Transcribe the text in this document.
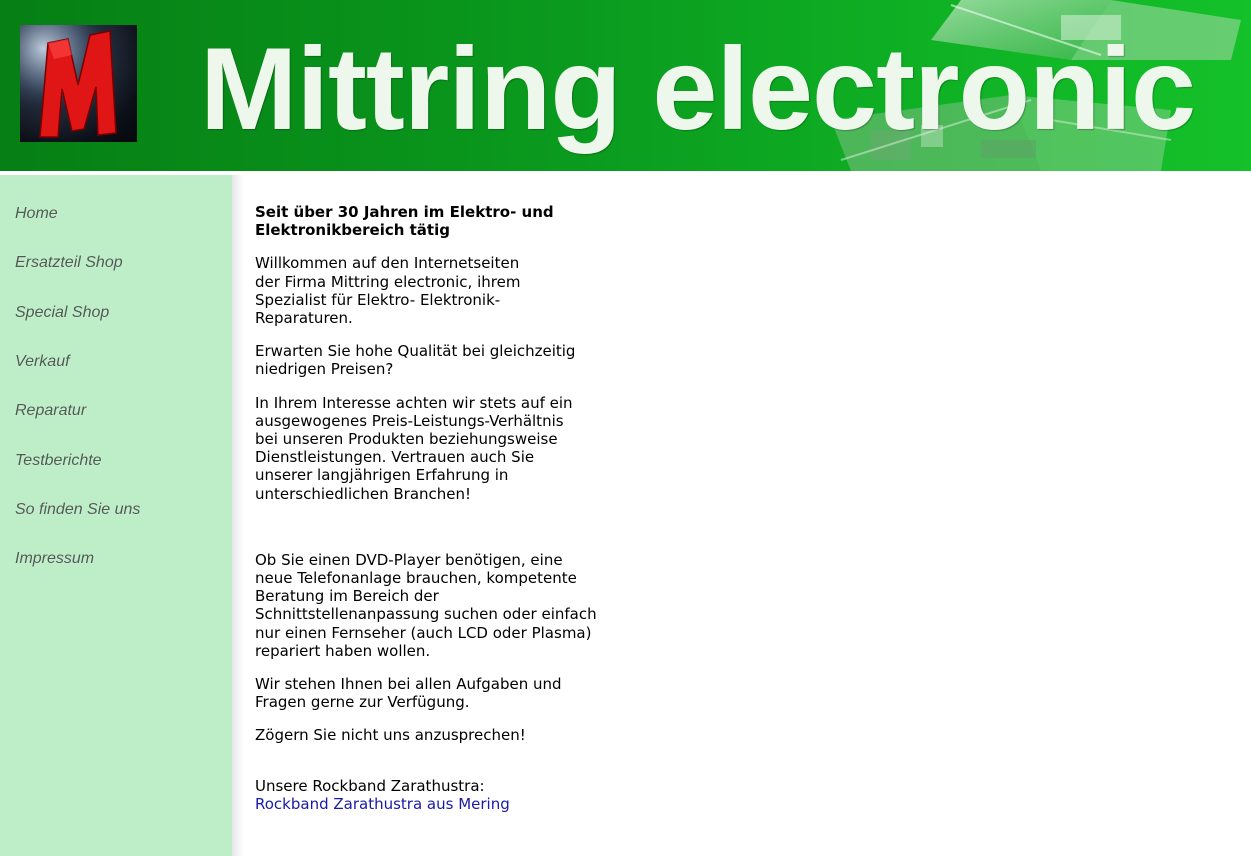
Mittring electronic
Home
Ersatzteil Shop
Special Shop
Verkauf
Reparatur
Testberichte
So finden Sie uns
Impressum

Seit über 30 Jahren im Elektro- und Elektronikbereich tätig

Willkommen auf den Internetseiten der Firma Mittring electronic, ihrem Spezialist für Elektro- Elektronik-Reparaturen.

Erwarten Sie hohe Qualität bei gleichzeitig niedrigen Preisen?

In Ihrem Interesse achten wir stets auf ein ausgewogenes Preis-Leistungs-Verhältnis bei unseren Produkten beziehungsweise Dienstleistungen. Vertrauen auch Sie unserer langjährigen Erfahrung in unterschiedlichen Branchen!

Ob Sie einen DVD-Player benötigen, eine neue Telefonanlage brauchen, kompetente Beratung im Bereich der Schnittstellenanpassung suchen oder einfach nur einen Fernseher (auch LCD oder Plasma) repariert haben wollen.

Wir stehen Ihnen bei allen Aufgaben und Fragen gerne zur Verfügung.

Zögern Sie nicht uns anzusprechen!

Unsere Rockband Zarathustra:

Rockband Zarathustra aus Mering
